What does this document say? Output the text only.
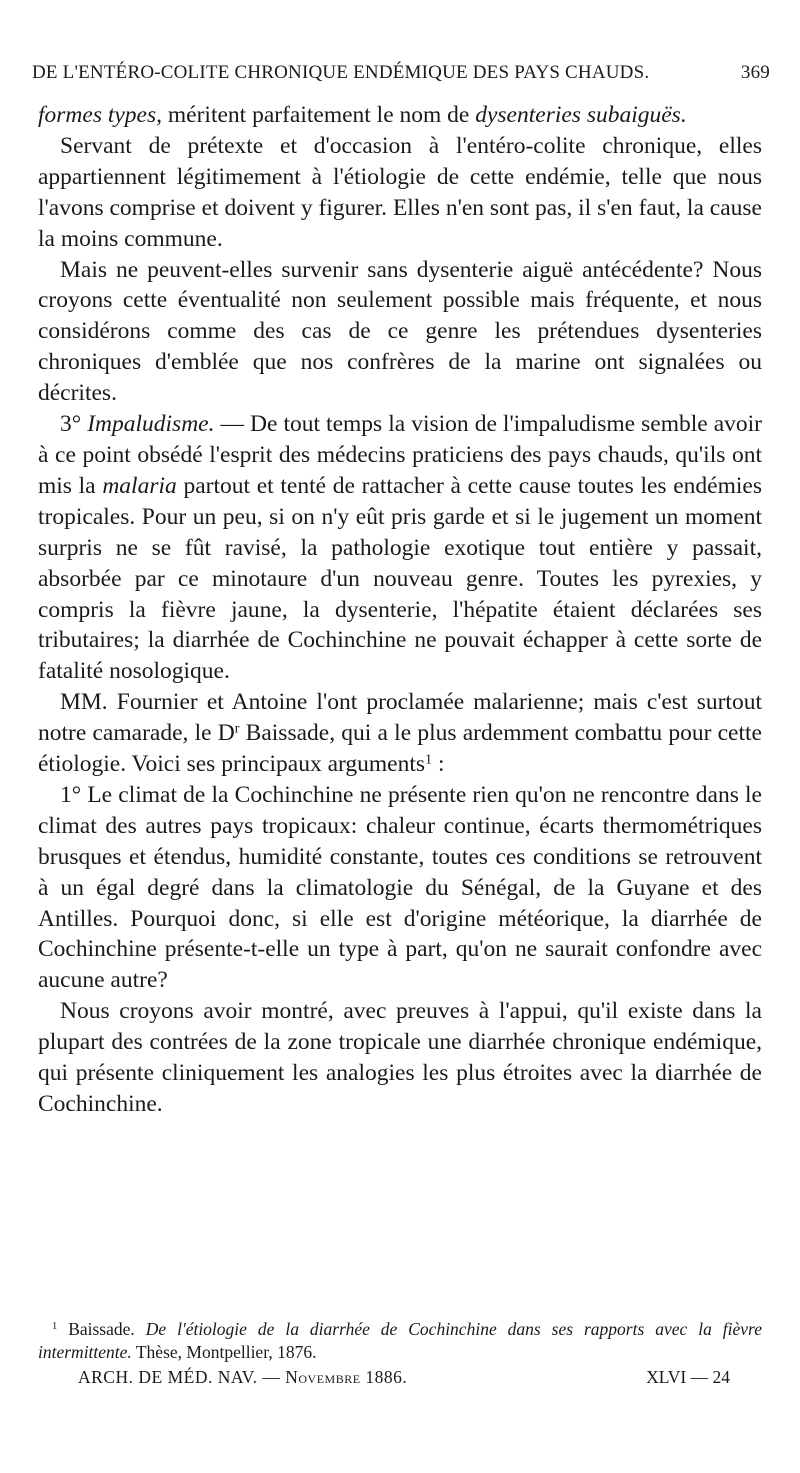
DE L'ENTÉRO-COLITE CHRONIQUE ENDÉMIQUE DES PAYS CHAUDS.	369

formes types, méritent parfaitement le nom de dysenteries subaiguës.

Servant de prétexte et d'occasion à l'entéro-colite chronique, elles appartiennent légitimement à l'étiologie de cette endémie, telle que nous l'avons comprise et doivent y figurer. Elles n'en sont pas, il s'en faut, la cause la moins commune.

Mais ne peuvent-elles survenir sans dysenterie aiguë antécédente? Nous croyons cette éventualité non seulement possible mais fréquente, et nous considérons comme des cas de ce genre les prétendues dysenteries chroniques d'emblée que nos confrères de la marine ont signalées ou décrites.

3° Impaludisme. — De tout temps la vision de l'impaludisme semble avoir à ce point obsédé l'esprit des médecins praticiens des pays chauds, qu'ils ont mis la malaria partout et tenté de rattacher à cette cause toutes les endémies tropicales. Pour un peu, si on n'y eût pris garde et si le jugement un moment surpris ne se fût ravisé, la pathologie exotique tout entière y passait, absorbée par ce minotaure d'un nouveau genre. Toutes les pyrexies, y compris la fièvre jaune, la dysenterie, l'hépatite étaient déclarées ses tributaires; la diarrhée de Cochinchine ne pouvait échapper à cette sorte de fatalité nosologique.

MM. Fournier et Antoine l'ont proclamée malarienne; mais c'est surtout notre camarade, le $D^r$ Baissade, qui a le plus ardemment combattu pour cette étiologie. Voici ses principaux arguments$^1$ :

1° Le climat de la Cochinchine ne présente rien qu'on ne rencontre dans le climat des autres pays tropicaux: chaleur continue, écarts thermométriques brusques et étendus, humidité constante, toutes ces conditions se retrouvent à un égal degré dans la climatologie du Sénégal, de la Guyane et des Antilles. Pourquoi donc, si elle est d'origine météorique, la diarrhée de Cochinchine présente-t-elle un type à part, qu'on ne saurait confondre avec aucune autre?

Nous croyons avoir montré, avec preuves à l'appui, qu'il existe dans la plupart des contrées de la zone tropicale une diarrhée chronique endémique, qui présente cliniquement les analogies les plus étroites avec la diarrhée de Cochinchine.

$^1$ Baissade. De l'étiologie de la diarrhée de Cochinchine dans ses rapports avec la fièvre intermittente. Thèse, Montpellier, 1876.

ARCH. DE MÉD. NAV. — Novembre 1886.	XLVI — 24
